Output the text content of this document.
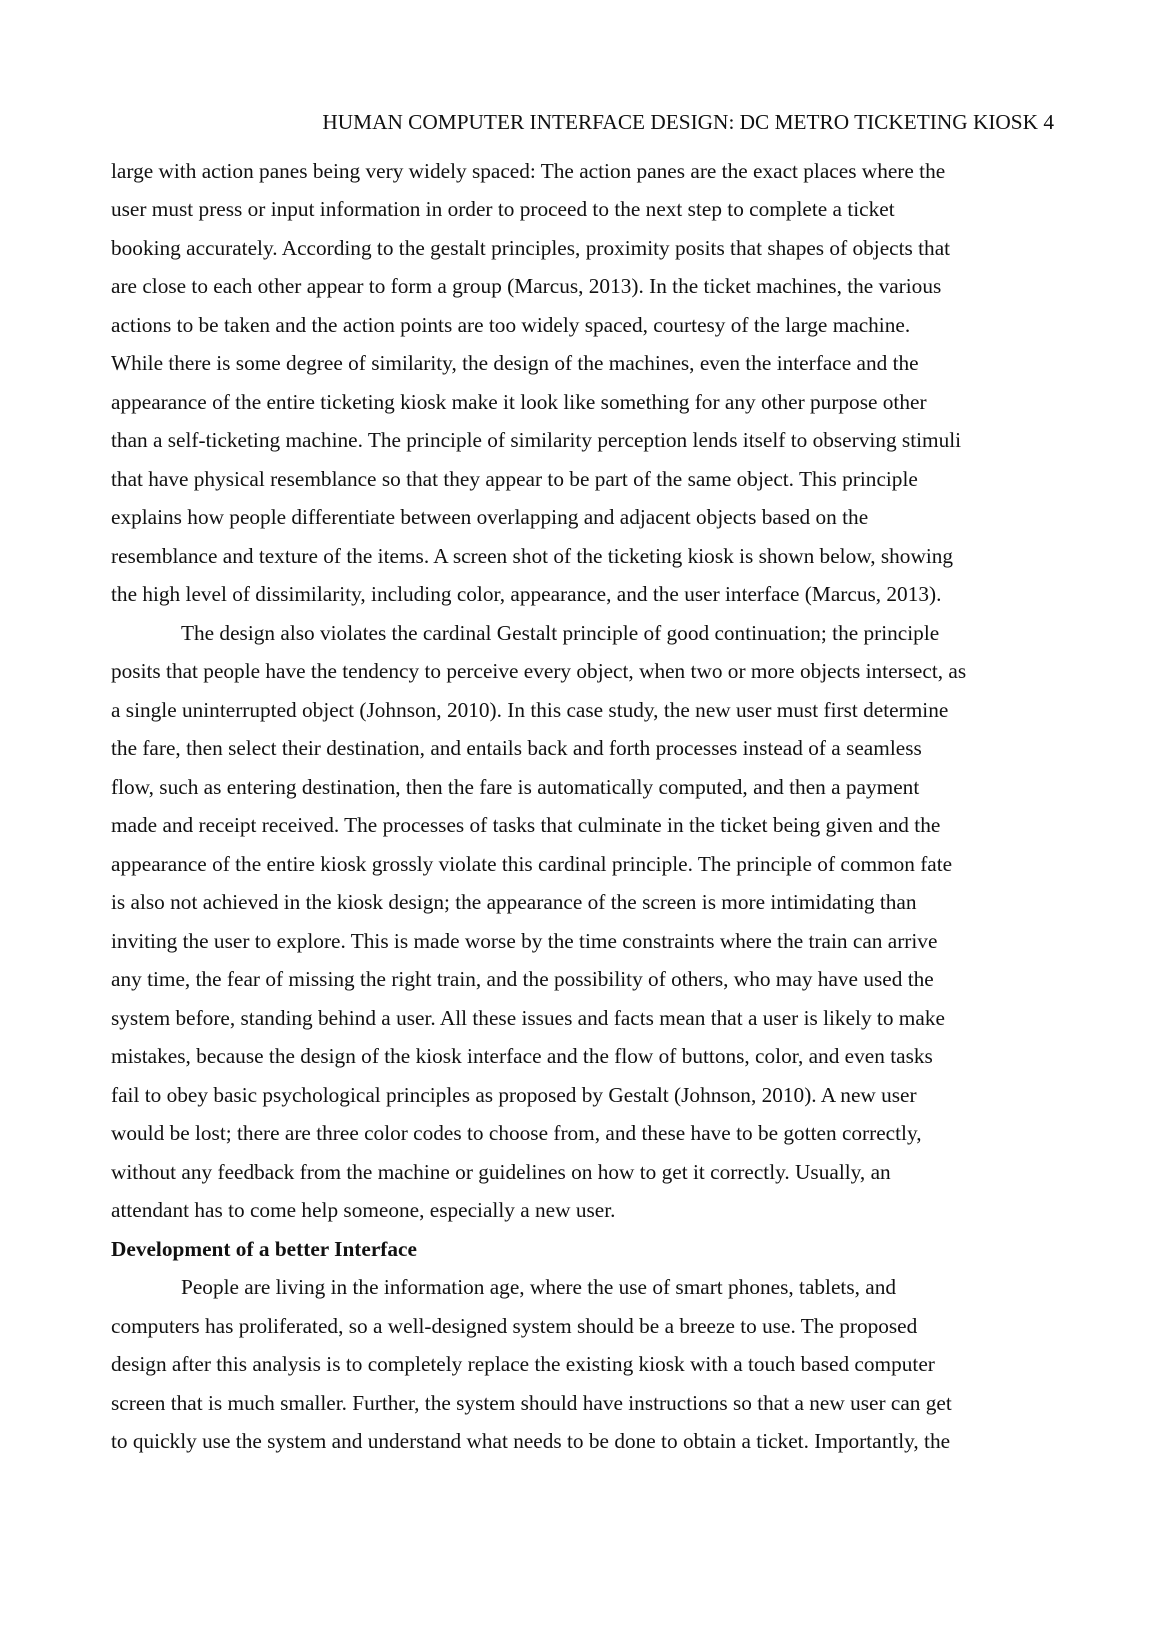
HUMAN COMPUTER INTERFACE DESIGN: DC METRO TICKETING KIOSK 4
large with action panes being very widely spaced: The action panes are the exact places where the
user must press or input information in order to proceed to the next step to complete a ticket
booking accurately. According to the gestalt principles, proximity posits that shapes of objects that
are close to each other appear to form a group (Marcus, 2013). In the ticket machines, the various
actions to be taken and the action points are too widely spaced, courtesy of the large machine.
While there is some degree of similarity, the design of the machines, even the interface and the
appearance of the entire ticketing kiosk make it look like something for any other purpose other
than a self-ticketing machine. The principle of similarity perception lends itself to observing stimuli
that have physical resemblance so that they appear to be part of the same object. This principle
explains how people differentiate between overlapping and adjacent objects based on the
resemblance and texture of the items. A screen shot of the ticketing kiosk is shown below, showing
the high level of dissimilarity, including color, appearance, and the user interface (Marcus, 2013).
The design also violates the cardinal Gestalt principle of good continuation; the principle
posits that people have the tendency to perceive every object, when two or more objects intersect, as
a single uninterrupted object (Johnson, 2010). In this case study, the new user must first determine
the fare, then select their destination, and entails back and forth processes instead of a seamless
flow, such as entering destination, then the fare is automatically computed, and then a payment
made and receipt received. The processes of tasks that culminate in the ticket being given and the
appearance of the entire kiosk grossly violate this cardinal principle. The principle of common fate
is also not achieved in the kiosk design; the appearance of the screen is more intimidating than
inviting the user to explore. This is made worse by the time constraints where the train can arrive
any time, the fear of missing the right train, and the possibility of others, who may have used the
system before, standing behind a user. All these issues and facts mean that a user is likely to make
mistakes, because the design of the kiosk interface and the flow of buttons, color, and even tasks
fail to obey basic psychological principles as proposed by Gestalt (Johnson, 2010). A new user
would be lost; there are three color codes to choose from, and these have to be gotten correctly,
without any feedback from the machine or guidelines on how to get it correctly. Usually, an
attendant has to come help someone, especially a new user.
Development of a better Interface
People are living in the information age, where the use of smart phones, tablets, and
computers has proliferated, so a well-designed system should be a breeze to use. The proposed
design after this analysis is to completely replace the existing kiosk with a touch based computer
screen that is much smaller. Further, the system should have instructions so that a new user can get
to quickly use the system and understand what needs to be done to obtain a ticket. Importantly, the
